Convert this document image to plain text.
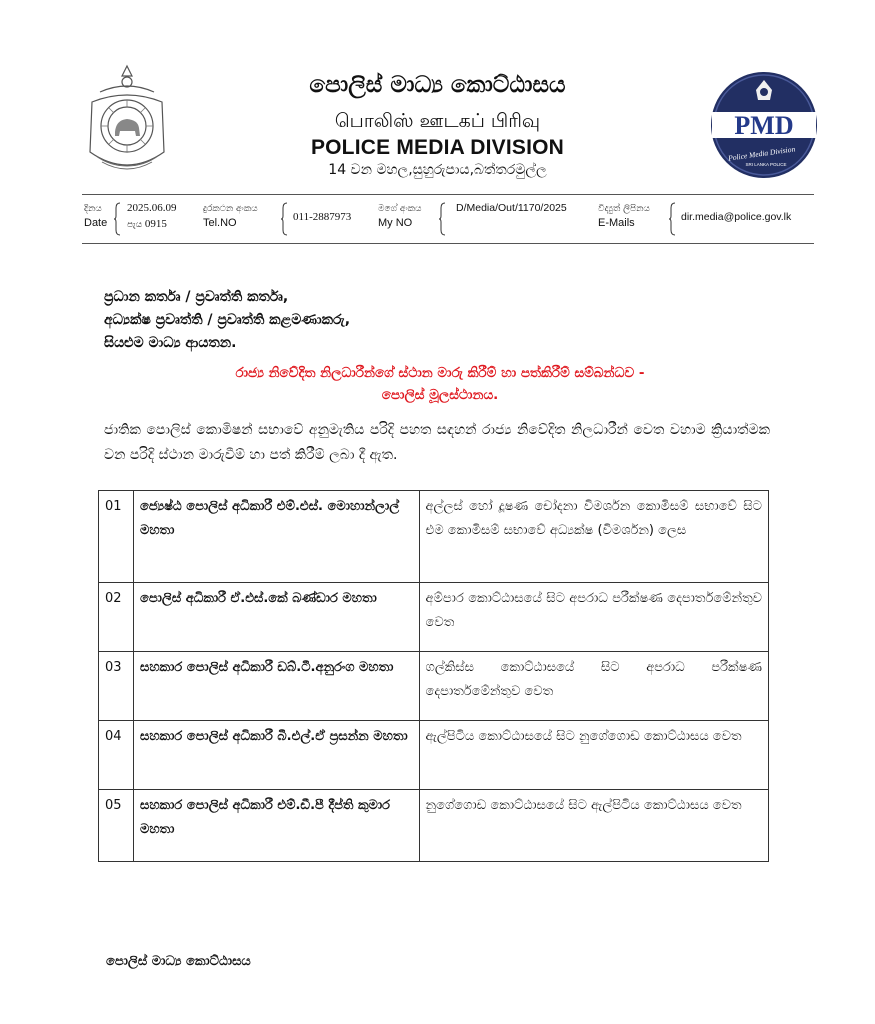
PMD
Police Media Division
SRI LANKA POLICE
පොලිස් මාධ්‍ය කොට්ඨාසය
பொலிஸ் ஊடகப் பிரிவு
POLICE MEDIA DIVISION
14 වන මහල,සුහුරුපාය,බත්තරමුල්ල
දිනය
Date
2025.06.09
පැය 0915
දුරකථන අංකය
Tel.NO	011-2887973
මගේ අංකය
My NO
D/Media/Out/1170/2025	විද්‍යුත් ලිපිනය
E-Mails	dir.media@police.gov.lk
ප්‍රධාන කර්තෘ / ප්‍රවෘත්ති කර්තෘ,
අධ්‍යක්ෂ ප්‍රවෘත්ති / ප්‍රවෘත්ති කළමණාකරු,
සියළුම මාධ්‍ය ආයතන.
රාජ්‍ය නිවේදිත නිලධාරීන්ගේ ස්ථාන මාරු කිරීම් හා පත්කිරීම් සම්බන්ධව -
පොලිස් මූලස්ථානය.
ජාතික පොලිස් කොමිෂන් සභාවේ අනුමැතිය පරිදි පහත සඳහන් රාජ්‍ය නිවේදිත නිලධාරීන් වෙත වහාම ක්‍රියාත්මක වන පරිදි ස්ථාන මාරුවීම් හා පත් කිරීම් ලබා දී ඇත.
01	ජ්‍යෙෂ්ඨ පොලිස් අධිකාරී එම්.එස්. මොහාන්ලාල් මහතා	අල්ලස් හෝ දූෂණ චෝදනා විමර්ශන කොමිසම් සභාවේ සිට එම කොමිසම් සභාවේ අධ්‍යක්ෂ (විමර්ශන) ලෙස
02	පොලිස් අධිකාරී ඒ.එස්.කේ බණ්ඩාර මහතා	අම්පාර කොට්ඨාසයේ සිට අපරාධ පරීක්ෂණ දෙපාර්තමේන්තුව වෙත
03	සහකාර පොලිස් අධිකාරී ඩබ්.ටී.අනුරංග මහතා	ගල්කිස්ස කොට්ඨාසයේ සිට අපරාධ පරීක්ෂණ දෙපාර්තමේන්තුව වෙත
04	සහකාර පොලිස් අධිකාරී බී.එල්.ඒ ප්‍රසන්න මහතා	ඇල්පිටිය කොට්ඨාසයේ සිට නුගේගොඩ කොට්ඨාසය වෙත
05	සහකාර පොලිස් අධිකාරී එම්.ඩී.පී දීප්ති කුමාර මහතා	නුගේගොඩ කොට්ඨාසයේ සිට ඇල්පිටිය කොට්ඨාසය වෙත
පොලිස් මාධ්‍ය කොට්ඨාසය
